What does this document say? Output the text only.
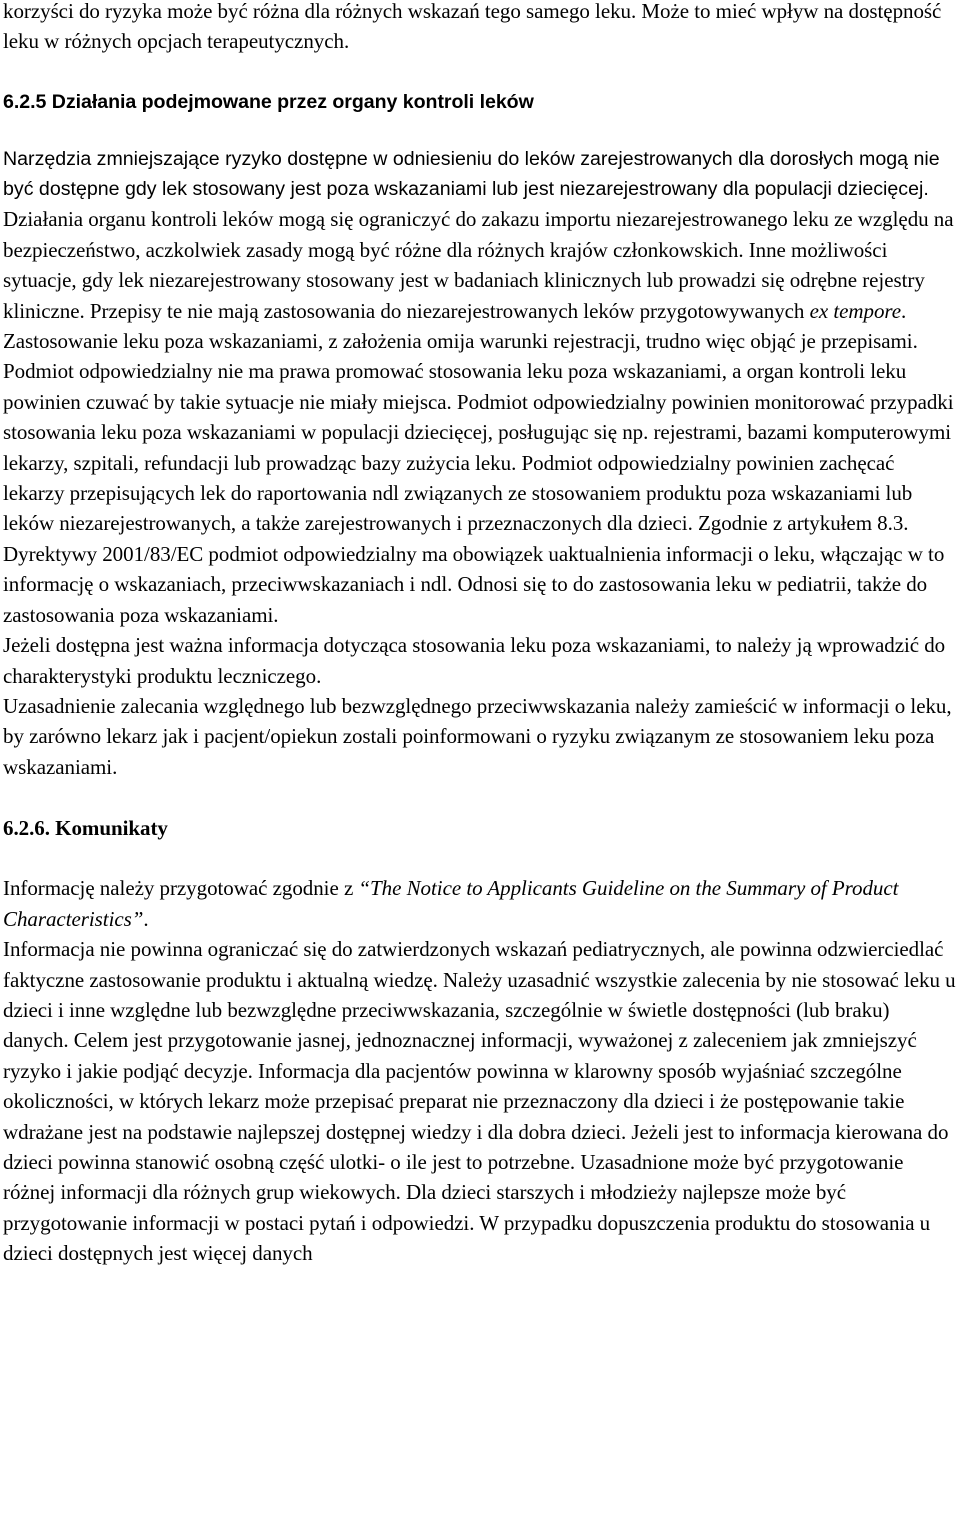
korzyści do ryzyka może być różna dla różnych wskazań tego samego leku. Może to mieć wpływ na dostępność leku w różnych opcjach terapeutycznych.

6.2.5 Działania podejmowane przez organy kontroli leków

Narzędzia zmniejszające ryzyko dostępne w odniesieniu do leków zarejestrowanych dla dorosłych mogą nie być dostępne gdy lek stosowany jest poza wskazaniami lub jest niezarejestrowany dla populacji dziecięcej.

Działania organu kontroli leków mogą się ograniczyć do zakazu importu niezarejestrowanego leku ze względu na bezpieczeństwo, aczkolwiek zasady mogą być różne dla różnych krajów członkowskich. Inne możliwości sytuacje, gdy lek niezarejestrowany stosowany jest w badaniach klinicznych lub prowadzi się odrębne rejestry kliniczne. Przepisy te nie mają zastosowania do niezarejestrowanych leków przygotowywanych ex tempore.

Zastosowanie leku poza wskazaniami, z założenia omija warunki rejestracji, trudno więc objąć je przepisami. Podmiot odpowiedzialny nie ma prawa promować stosowania leku poza wskazaniami, a organ kontroli leku powinien czuwać by takie sytuacje nie miały miejsca. Podmiot odpowiedzialny powinien monitorować przypadki stosowania leku poza wskazaniami w populacji dziecięcej, posługując się np. rejestrami, bazami komputerowymi lekarzy, szpitali, refundacji lub prowadząc bazy zużycia leku. Podmiot odpowiedzialny powinien zachęcać lekarzy przepisujących lek do raportowania ndl związanych ze stosowaniem produktu poza wskazaniami lub leków niezarejestrowanych, a także zarejestrowanych i przeznaczonych dla dzieci. Zgodnie z artykułem 8.3. Dyrektywy 2001/83/EC podmiot odpowiedzialny ma obowiązek uaktualnienia informacji o leku, włączając w to informację o wskazaniach, przeciwwskazaniach i ndl. Odnosi się to do zastosowania leku w pediatrii, także do zastosowania poza wskazaniami.

Jeżeli dostępna jest ważna informacja dotycząca stosowania leku poza wskazaniami, to należy ją wprowadzić do charakterystyki produktu leczniczego.

Uzasadnienie zalecania względnego lub bezwzględnego przeciwwskazania należy zamieścić w informacji o leku, by zarówno lekarz jak i pacjent/opiekun zostali poinformowani o ryzyku związanym ze stosowaniem leku poza wskazaniami.

6.2.6. Komunikaty

Informację należy przygotować zgodnie z “The Notice to Applicants Guideline on the Summary of Product Characteristics”.

Informacja nie powinna ograniczać się do zatwierdzonych wskazań pediatrycznych, ale powinna odzwierciedlać faktyczne zastosowanie produktu i aktualną wiedzę. Należy uzasadnić wszystkie zalecenia by nie stosować leku u dzieci i inne względne lub bezwzględne przeciwwskazania, szczególnie w świetle dostępności (lub braku) danych. Celem jest przygotowanie jasnej, jednoznacznej informacji, wyważonej z zaleceniem jak zmniejszyć ryzyko i jakie podjąć decyzje. Informacja dla pacjentów powinna w klarowny sposób wyjaśniać szczególne okoliczności, w których lekarz może przepisać preparat nie przeznaczony dla dzieci i że postępowanie takie wdrażane jest na podstawie najlepszej dostępnej wiedzy i dla dobra dzieci. Jeżeli jest to informacja kierowana do dzieci powinna stanowić osobną część ulotki- o ile jest to potrzebne. Uzasadnione może być przygotowanie różnej informacji dla różnych grup wiekowych. Dla dzieci starszych i młodzieży najlepsze może być przygotowanie informacji w postaci pytań i odpowiedzi. W przypadku dopuszczenia produktu do stosowania u dzieci dostępnych jest więcej danych
